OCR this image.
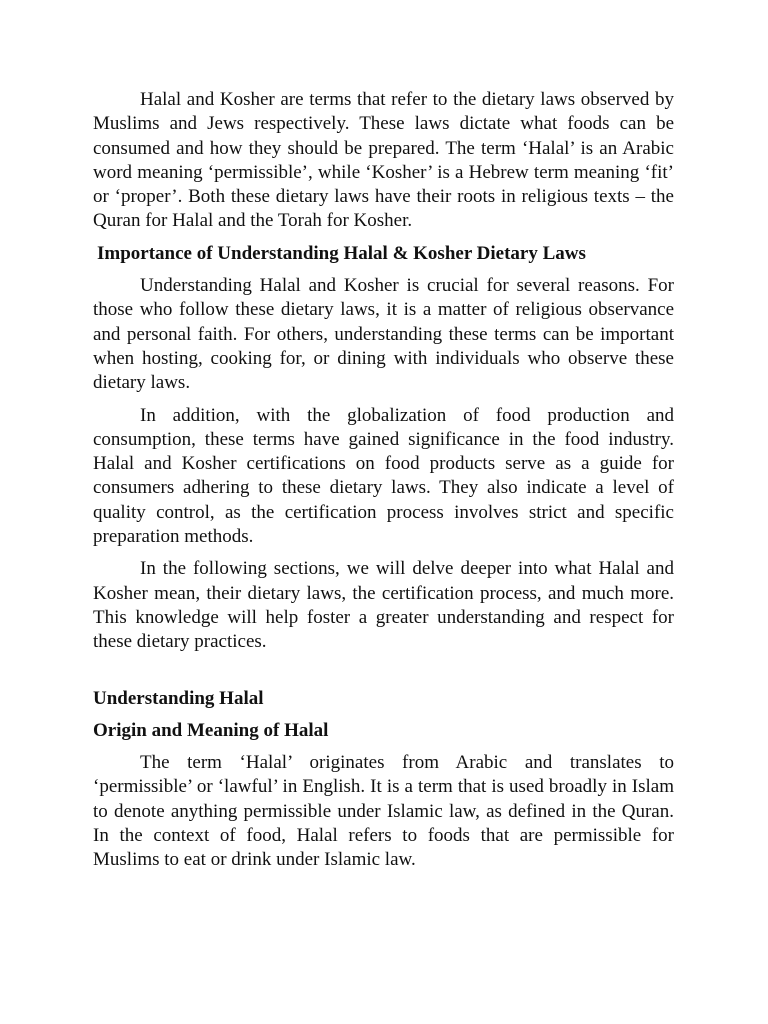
Halal and Kosher are terms that refer to the dietary laws observed by Muslims and Jews respectively. These laws dictate what foods can be consumed and how they should be prepared. The term ‘Halal’ is an Arabic word meaning ‘permissible’, while ‘Kosher’ is a Hebrew term meaning ‘fit’ or ‘proper’. Both these dietary laws have their roots in religious texts – the Quran for Halal and the Torah for Kosher.

Importance of Understanding Halal & Kosher Dietary Laws

Understanding Halal and Kosher is crucial for several reasons. For those who follow these dietary laws, it is a matter of religious observance and personal faith. For others, understanding these terms can be important when hosting, cooking for, or dining with individuals who observe these dietary laws.

In addition, with the globalization of food production and consumption, these terms have gained significance in the food industry. Halal and Kosher certifications on food products serve as a guide for consumers adhering to these dietary laws. They also indicate a level of quality control, as the certification process involves strict and specific preparation methods.

In the following sections, we will delve deeper into what Halal and Kosher mean, their dietary laws, the certification process, and much more. This knowledge will help foster a greater understanding and respect for these dietary practices.

Understanding Halal

Origin and Meaning of Halal

The term ‘Halal’ originates from Arabic and translates to ‘permissible’ or ‘lawful’ in English. It is a term that is used broadly in Islam to denote anything permissible under Islamic law, as defined in the Quran. In the context of food, Halal refers to foods that are permissible for Muslims to eat or drink under Islamic law.
